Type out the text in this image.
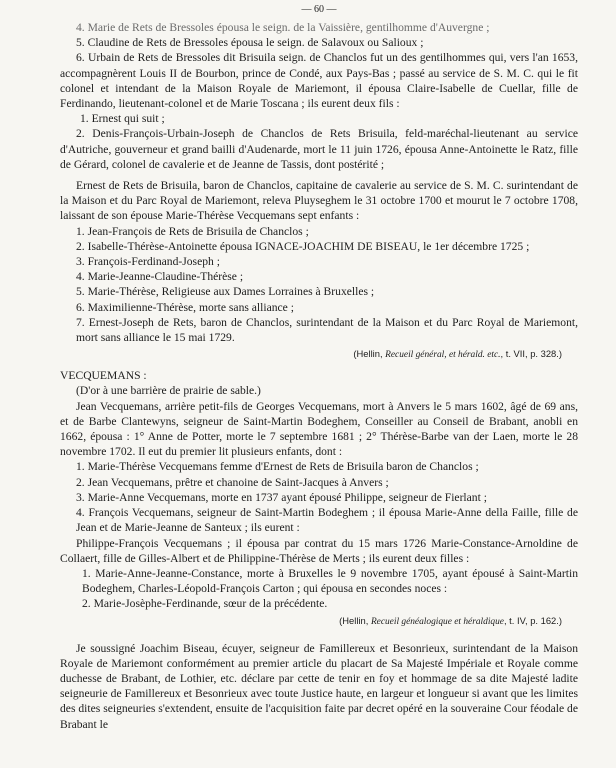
— 60 —

4. Marie de Rets de Bressoles épousa le seign. de la Vaissière, gentilhomme d'Auvergne ;

5. Claudine de Rets de Bressoles épousa le seign. de Salavoux ou Salioux ;

6. Urbain de Rets de Bressoles dit Brisuila seign. de Chanclos fut un des gentilhommes qui, vers l'an 1653, accompagnèrent Louis II de Bourbon, prince de Condé, aux Pays-Bas ; passé au service de S. M. C. qui le fit colonel et intendant de la Maison Royale de Mariemont, il épousa Claire-Isabelle de Cuellar, fille de Ferdinando, lieutenant-colonel et de Marie Toscana ; ils eurent deux fils :

1. Ernest qui suit ;

2. Denis-François-Urbain-Joseph de Chanclos de Rets Brisuila, feld-maréchal-lieutenant au service d'Autriche, gouverneur et grand bailli d'Audenarde, mort le 11 juin 1726, épousa Anne-Antoinette le Ratz, fille de Gérard, colonel de cavalerie et de Jeanne de Tassis, dont postérité ;

Ernest de Rets de Brisuila, baron de Chanclos, capitaine de cavalerie au service de S. M. C. surintendant de la Maison et du Parc Royal de Mariemont, releva Pluyseghem le 31 octobre 1700 et mourut le 7 octobre 1708, laissant de son épouse Marie-Thérèse Vecquemans sept enfants :

1. Jean-François de Rets de Brisuila de Chanclos ;

2. Isabelle-Thérèse-Antoinette épousa IGNACE-JOACHIM DE BISEAU, le 1er décembre 1725 ;

3. François-Ferdinand-Joseph ;

4. Marie-Jeanne-Claudine-Thérèse ;

5. Marie-Thérèse, Religieuse aux Dames Lorraines à Bruxelles ;

6. Maximilienne-Thérèse, morte sans alliance ;

7. Ernest-Joseph de Rets, baron de Chanclos, surintendant de la Maison et du Parc Royal de Mariemont, mort sans alliance le 15 mai 1729.

(Hellin, Recueil général, et hérald. etc., t. VII, p. 328.)

VECQUEMANS :

(D'or à une barrière de prairie de sable.)

Jean Vecquemans, arrière petit-fils de Georges Vecquemans, mort à Anvers le 5 mars 1602, âgé de 69 ans, et de Barbe Clantewyns, seigneur de Saint-Martin Bodeghem, Conseiller au Conseil de Brabant, anobli en 1662, épousa : 1° Anne de Potter, morte le 7 septembre 1681 ; 2° Thérèse-Barbe van der Laen, morte le 28 novembre 1702. Il eut du premier lit plusieurs enfants, dont :

1. Marie-Thérèse Vecquemans femme d'Ernest de Rets de Brisuila baron de Chanclos ;

2. Jean Vecquemans, prêtre et chanoine de Saint-Jacques à Anvers ;

3. Marie-Anne Vecquemans, morte en 1737 ayant épousé Philippe, seigneur de Fierlant ;

4. François Vecquemans, seigneur de Saint-Martin Bodeghem ; il épousa Marie-Anne della Faille, fille de Jean et de Marie-Jeanne de Santeux ; ils eurent :

Philippe-François Vecquemans ; il épousa par contrat du 15 mars 1726 Marie-Constance-Arnoldine de Collaert, fille de Gilles-Albert et de Philippine-Thérèse de Merts ; ils eurent deux filles :

1. Marie-Anne-Jeanne-Constance, morte à Bruxelles le 9 novembre 1705, ayant épousé à Saint-Martin Bodeghem, Charles-Léopold-François Carton ; qui épousa en secondes noces :

2. Marie-Josèphe-Ferdinande, sœur de la précédente.

(Hellin, Recueil généalogique et héraldique, t. IV, p. 162.)

Je soussigné Joachim Biseau, écuyer, seigneur de Famillereux et Besonrieux, surintendant de la Maison Royale de Mariemont conformément au premier article du placart de Sa Majesté Impériale et Royale comme duchesse de Brabant, de Lothier, etc. déclare par cette de tenir en foy et hommage de sa dite Majesté ladite seigneurie de Famillereux et Besonrieux avec toute Justice haute, en largeur et longueur si avant que les limites des dites seigneuries s'extendent, ensuite de l'acquisition faite par decret opéré en la souveraine Cour féodale de Brabant le
